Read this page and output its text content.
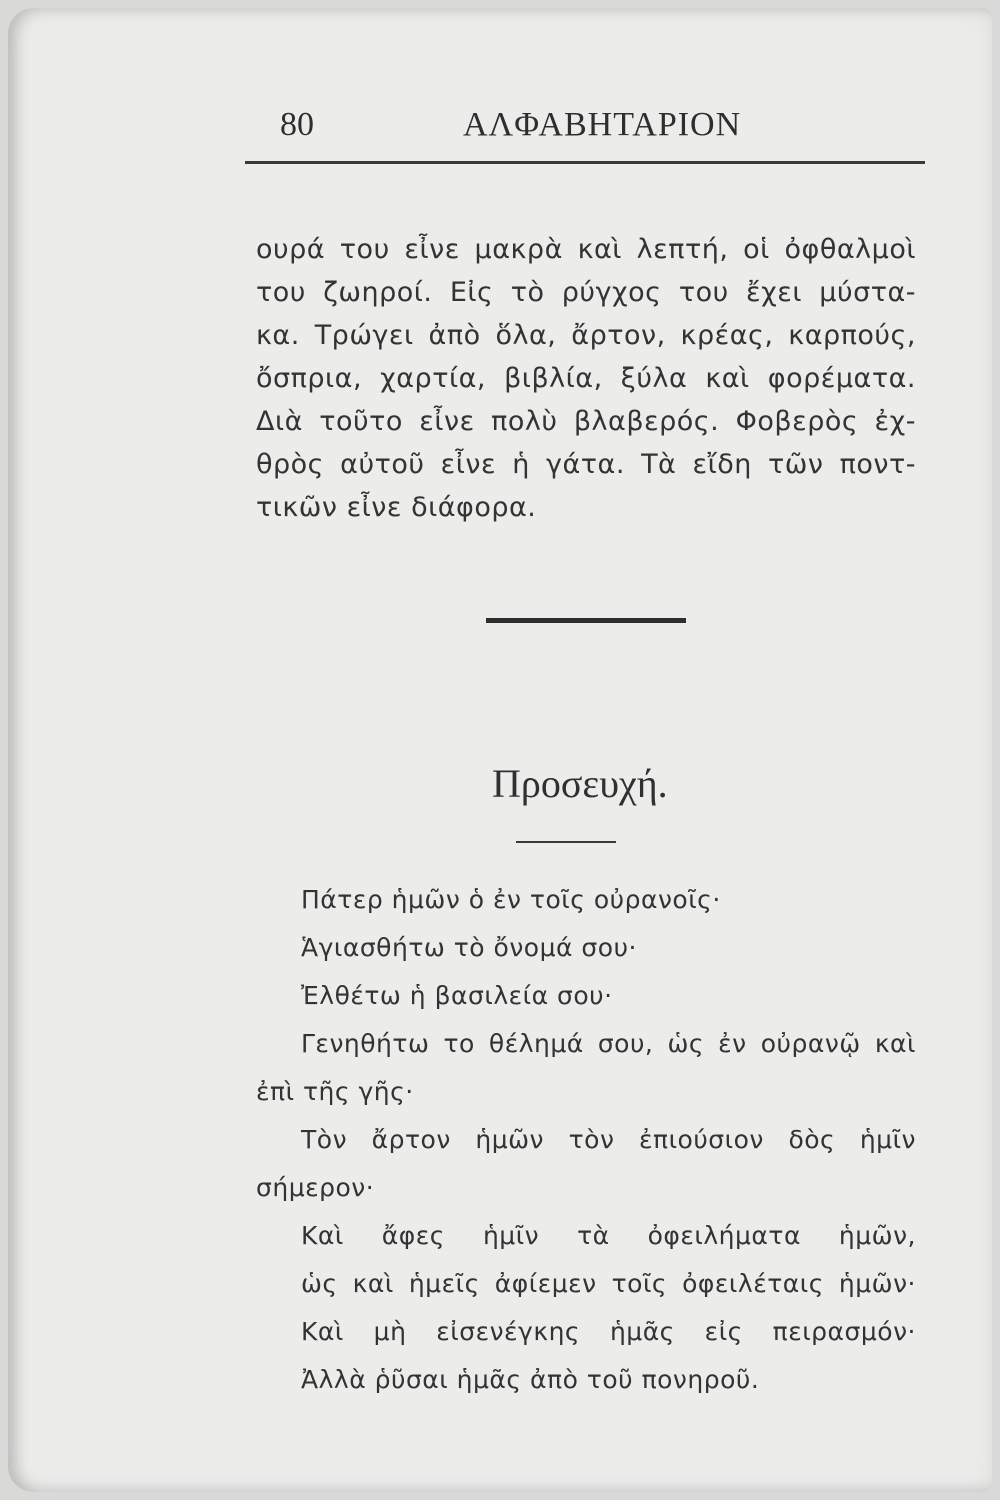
80	ΑΛΦΑΒΗΤΑΡΙΟΝ
ουρά του εἶνε μακρὰ καὶ λεπτή, οἱ ὀφθαλμοὶ
του ζωηροί. Εἰς τὸ ρύγχος του ἔχει μύστα-
κα. Τρώγει ἀπὸ ὅλα, ἄρτον, κρέας, καρπούς,
ὄσπρια, χαρτία, βιβλία, ξύλα καὶ φορέματα.
Διὰ τοῦτο εἶνε πολὺ βλαβερός. Φοβερὸς ἐχ-
θρὸς αὐτοῦ εἶνε ἡ γάτα. Τὰ εἴδη τῶν ποντ-
τικῶν εἶνε διάφορα.
Προσευχή.
Πάτερ ἡμῶν ὁ ἐν τοῖς οὐρανοῖς·
Ἁγιασθήτω τὸ ὄνομά σου·
Ἐλθέτω ἡ βασιλεία σου·
Γενηθήτω το θέλημά σου, ὡς ἐν οὐρανῷ καὶ
ἐπὶ τῆς γῆς·
Τὸν ἄρτον ἡμῶν τὸν ἐπιούσιον δὸς ἡμῖν
σήμερον·
Καὶ ἄφες ἡμῖν τὰ ὀφειλήματα ἡμῶν,
ὡς καὶ ἡμεῖς ἀφίεμεν τοῖς ὀφειλέταις ἡμῶν·
Καὶ μὴ εἰσενέγκης ἡμᾶς εἰς πειρασμόν·
Ἀλλὰ ῥῦσαι ἡμᾶς ἀπὸ τοῦ πονηροῦ.
